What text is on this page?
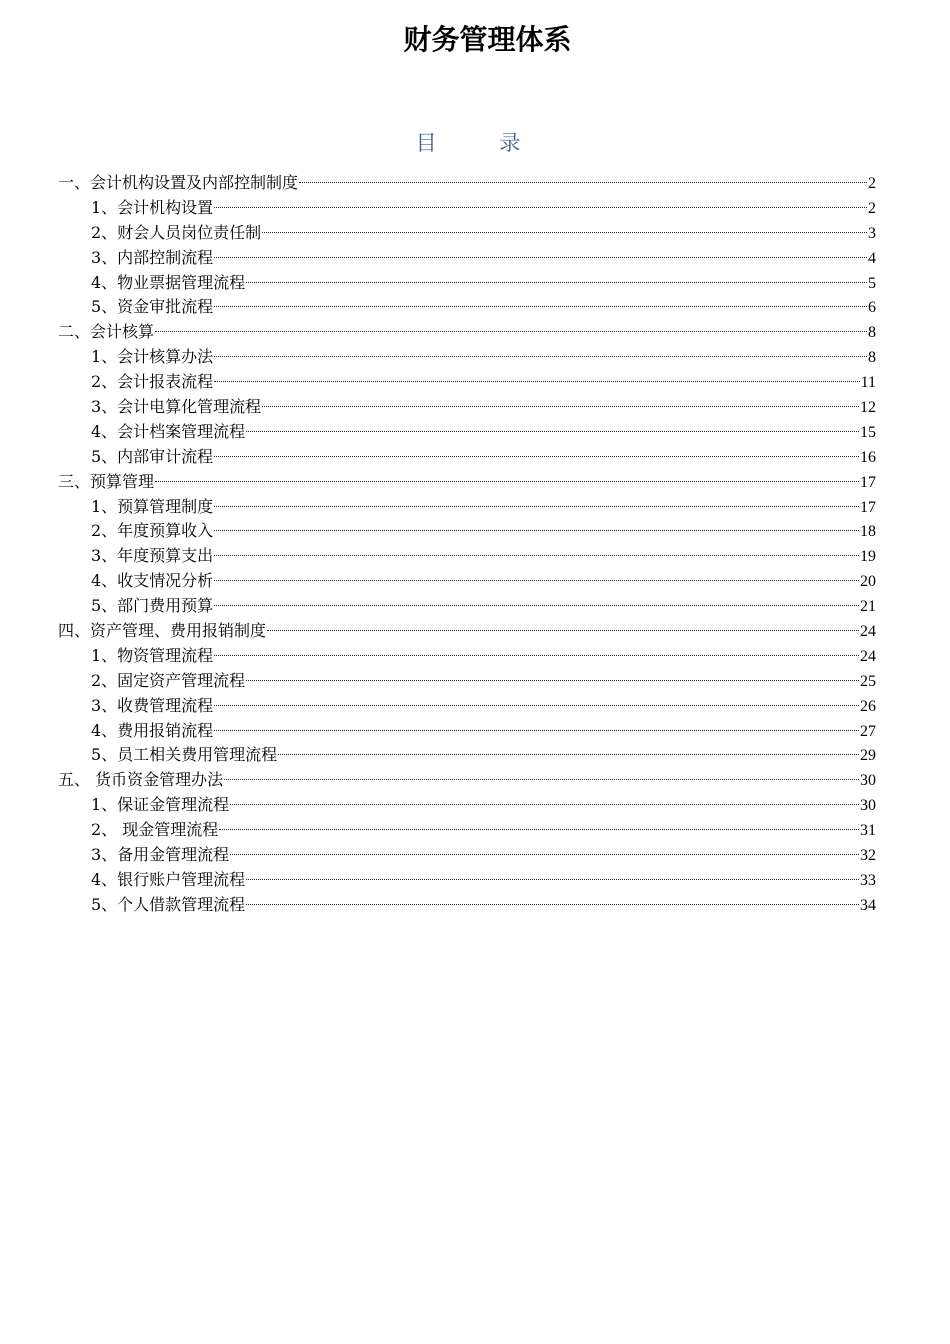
财务管理体系
目 录
一、会计机构设置及内部控制制度	2
1、会计机构设置	2
2、财会人员岗位责任制	3
3、内部控制流程	4
4、物业票据管理流程	5
5、资金审批流程	6
二、会计核算	8
1、会计核算办法	8
2、会计报表流程	11
3、会计电算化管理流程	12
4、会计档案管理流程	15
5、内部审计流程	16
三、预算管理	17
1、预算管理制度	17
2、年度预算收入	18
3、年度预算支出	19
4、收支情况分析	20
5、部门费用预算	21
四、资产管理、费用报销制度	24
1、物资管理流程	24
2、固定资产管理流程	25
3、收费管理流程	26
4、费用报销流程	27
5、员工相关费用管理流程	29
五、 货币资金管理办法	30
1、保证金管理流程	30
2、 现金管理流程	31
3、备用金管理流程	32
4、银行账户管理流程	33
5、个人借款管理流程	34
